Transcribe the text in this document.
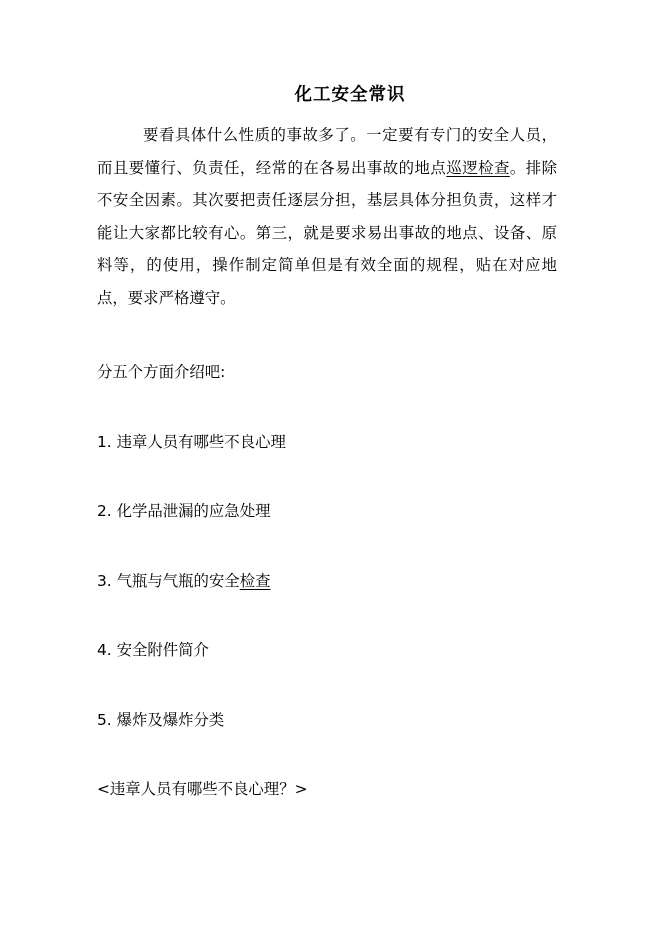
化工安全常识

要看具体什么性质的事故多了。一定要有专门的安全人员，而且要懂行、负责任，经常的在各易出事故的地点巡逻检查。排除不安全因素。其次要把责任逐层分担，基层具体分担负责，这样才能让大家都比较有心。第三，就是要求易出事故的地点、设备、原料等，的使用，操作制定简单但是有效全面的规程，贴在对应地点，要求严格遵守。

分五个方面介绍吧:

1. 违章人员有哪些不良心理

2. 化学品泄漏的应急处理

3. 气瓶与气瓶的安全检查

4. 安全附件简介

5. 爆炸及爆炸分类

<违章人员有哪些不良心理？>
